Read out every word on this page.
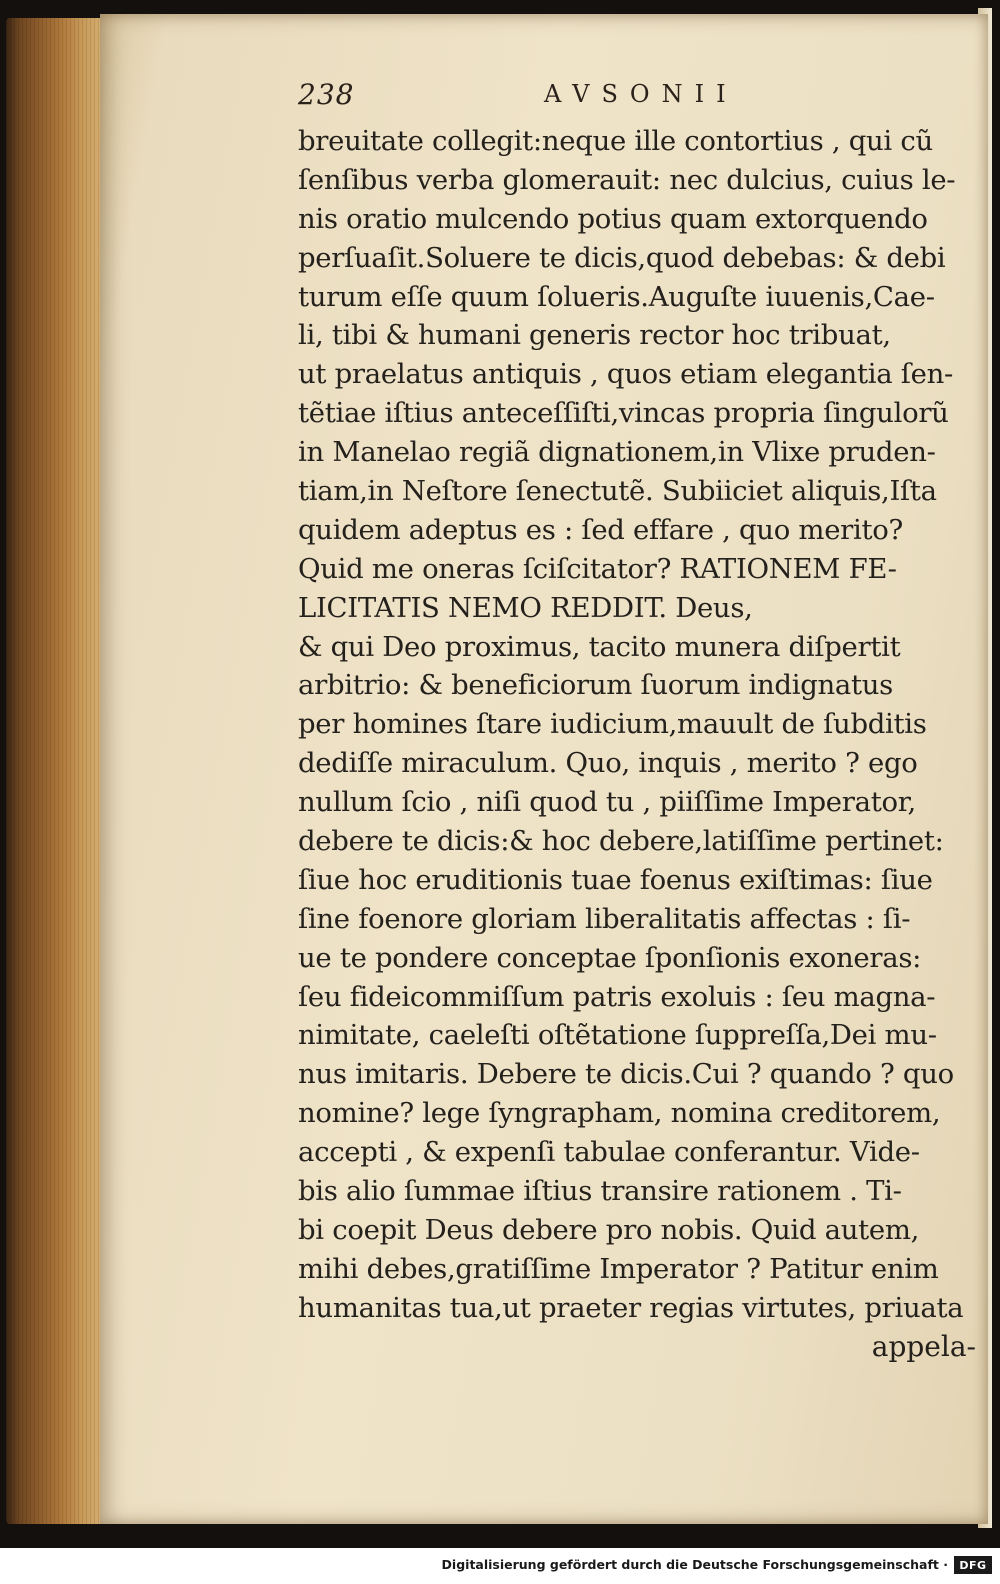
238	AVSONII
breuitate collegit:neque ille contortius , qui cũ
ſenſibus verba glomerauit: nec dulcius, cuius le-
nis oratio mulcendo potius quam extorquendo
perſuaſit.Soluere te dicis,quod debebas: & debi
turum eſſe quum ſolueris.Auguſte iuuenis,Cae-
li, tibi & humani generis rector hoc tribuat,
ut praelatus antiquis , quos etiam elegantia ſen-
tẽtiae iſtius anteceſſiſti,vincas propria ſingulorũ
in Manelao regiã dignationem,in Vlixe pruden-
tiam,in Neſtore ſenectutẽ. Subiiciet aliquis,Iſta
quidem adeptus es : ſed effare , quo merito?
Quid me oneras ſciſcitator? RATIONEM FE-
LICITATIS NEMO REDDIT. Deus,
& qui Deo proximus, tacito munera diſpertit
arbitrio: & beneficiorum ſuorum indignatus
per homines ſtare iudicium,mauult de ſubditis
dediſſe miraculum. Quo, inquis , merito ? ego
nullum ſcio , niſi quod tu , piiſſime Imperator,
debere te dicis:& hoc debere,latiſſime pertinet:
ſiue hoc eruditionis tuae foenus exiſtimas: ſiue
ſine foenore gloriam liberalitatis affectas : ſi-
ue te pondere conceptae ſponſionis exoneras:
ſeu fideicommiſſum patris exoluis : ſeu magna-
nimitate, caeleſti oſtẽtatione ſuppreſſa,Dei mu-
nus imitaris. Debere te dicis.Cui ? quando ? quo
nomine? lege ſyngrapham, nomina creditorem,
accepti , & expenſi tabulae conferantur. Vide-
bis alio ſummae iſtius transire rationem . Ti-
bi coepit Deus debere pro nobis. Quid autem,
mihi debes,gratiſſime Imperator ? Patitur enim
humanitas tua,ut praeter regias virtutes, priuata
appela-
Digitalisierung gefördert durch die Deutsche Forschungsgemeinschaft ·	DFG
